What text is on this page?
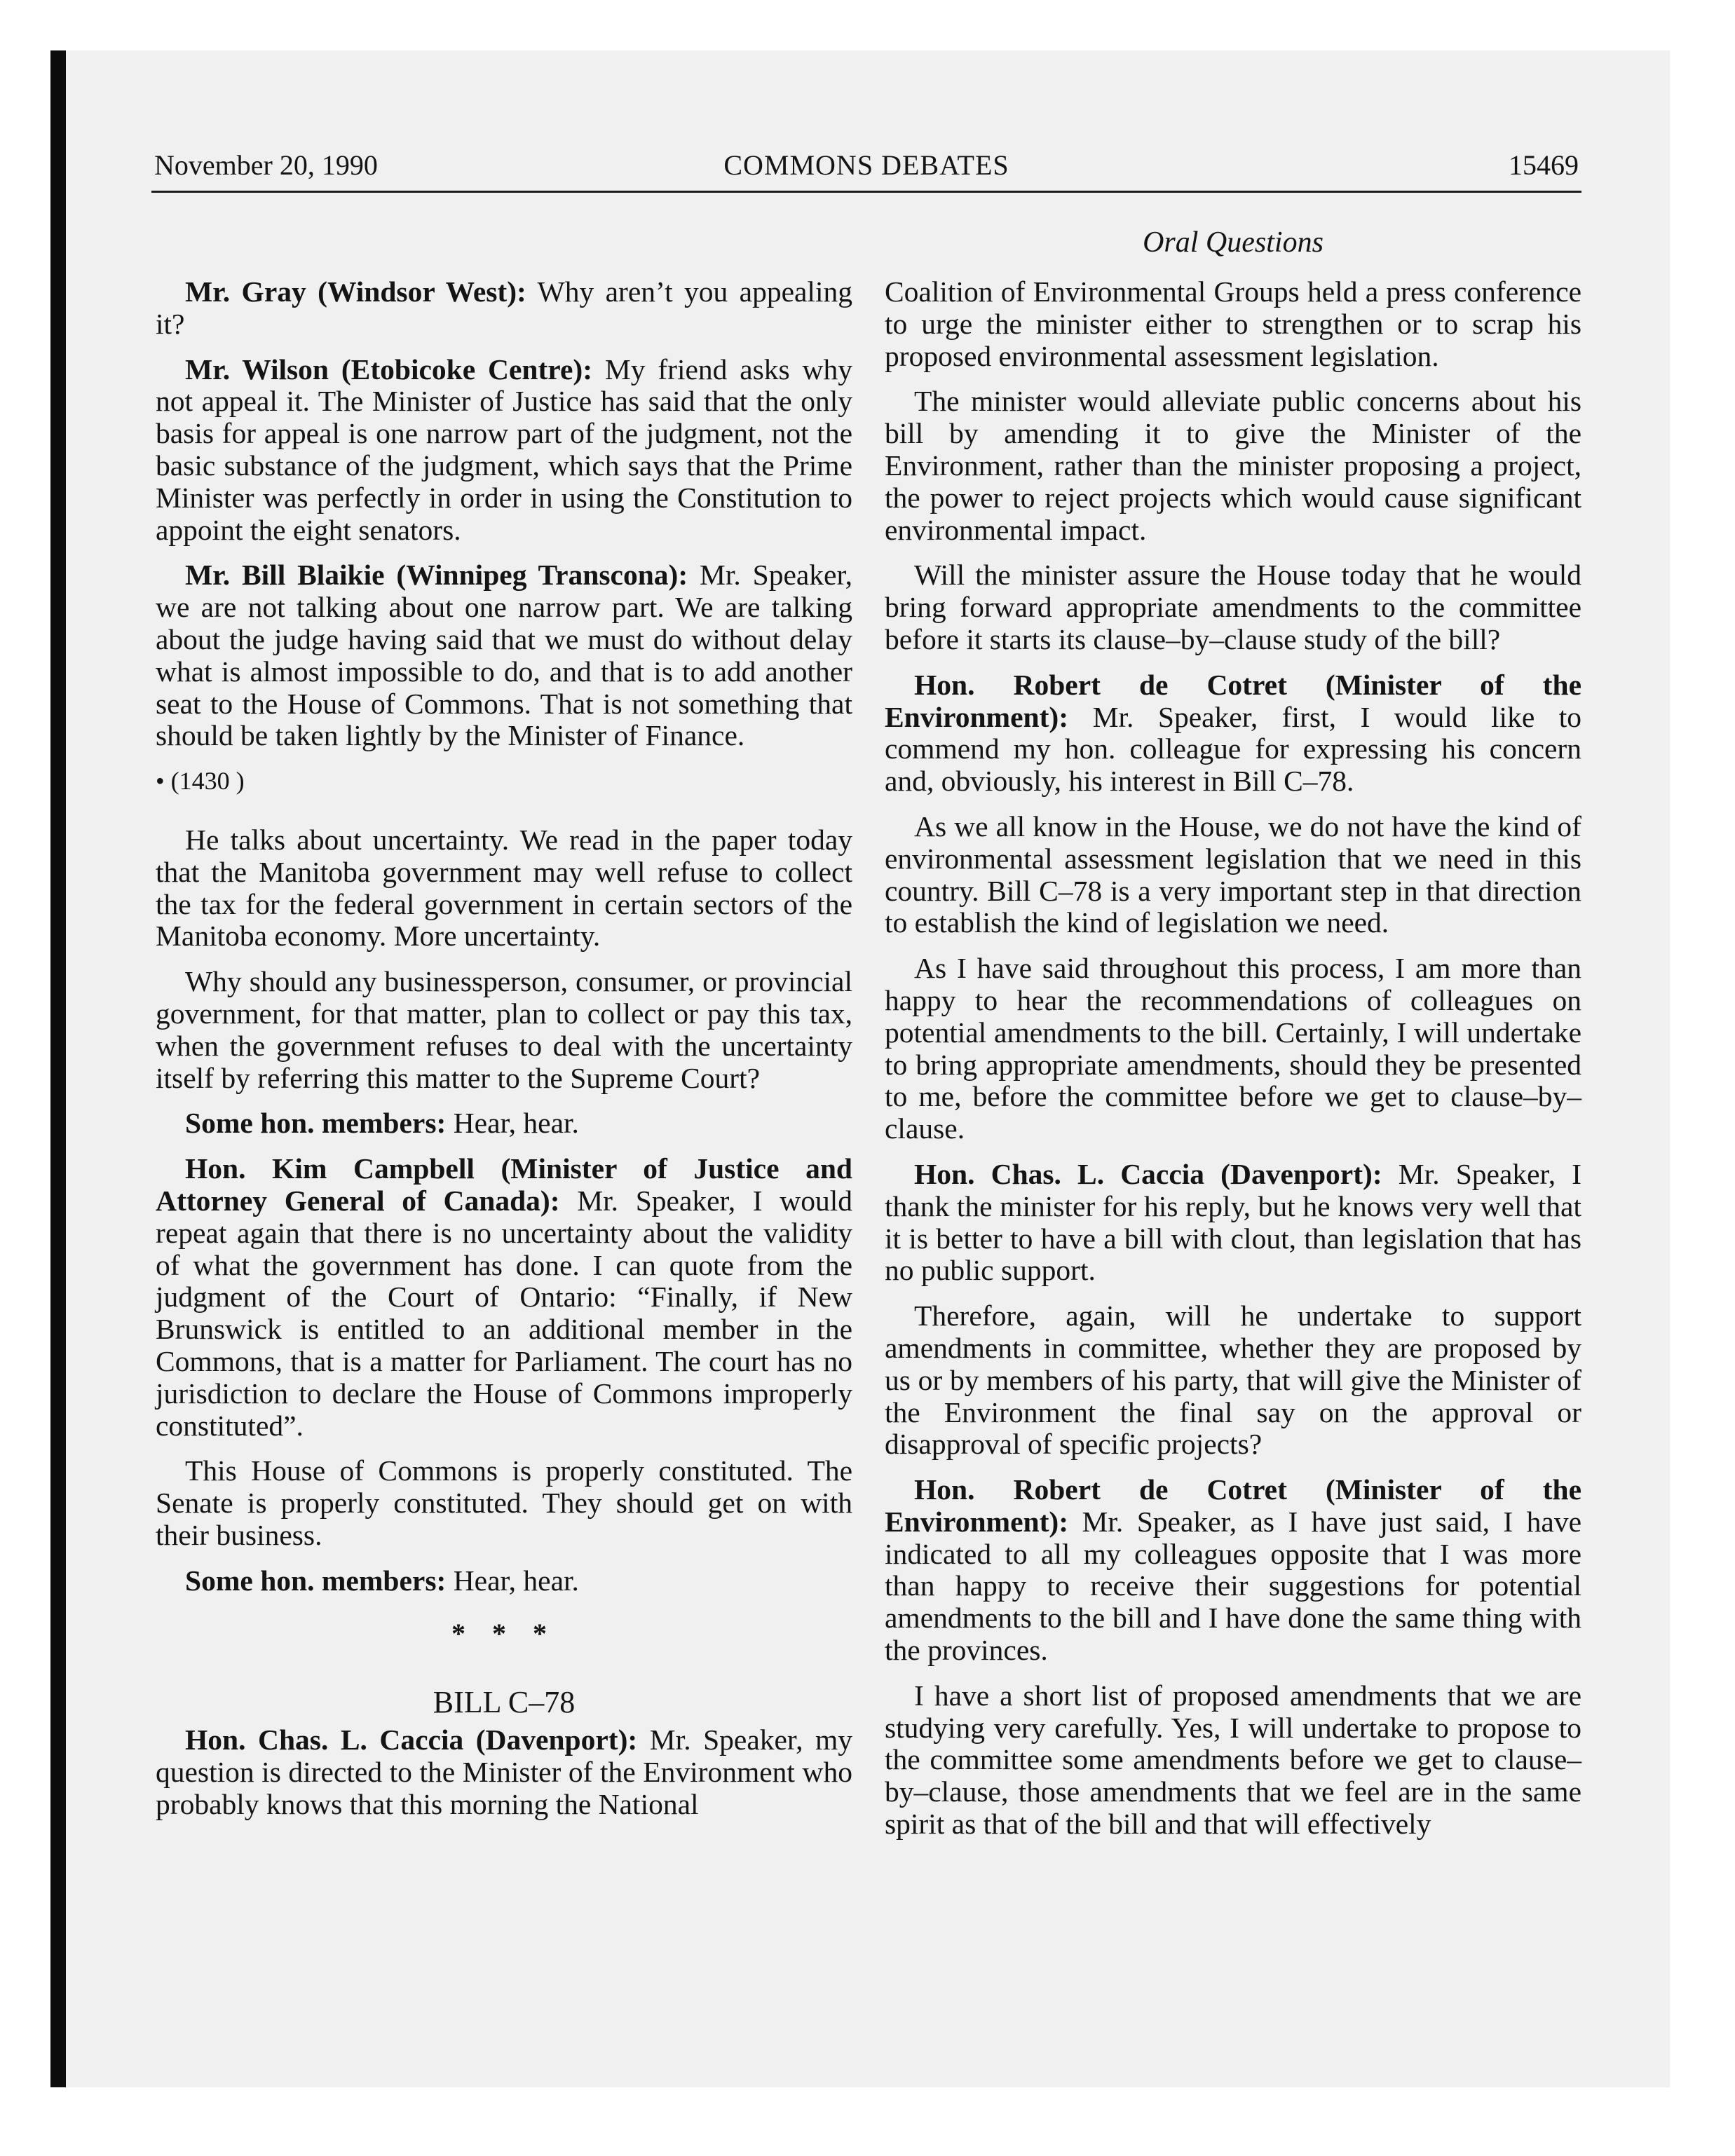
November 20, 1990	COMMONS DEBATES	15469
Oral Questions

Mr. Gray (Windsor West): Why aren’t you appealing it?

Mr. Wilson (Etobicoke Centre): My friend asks why not appeal it. The Minister of Justice has said that the only basis for appeal is one narrow part of the judgment, not the basic substance of the judgment, which says that the Prime Minister was perfectly in order in using the Constitution to appoint the eight senators.

Mr. Bill Blaikie (Winnipeg Transcona): Mr. Speaker, we are not talking about one narrow part. We are talking about the judge having said that we must do without delay what is almost impossible to do, and that is to add another seat to the House of Commons. That is not something that should be taken lightly by the Minister of Finance.

• (1430 )

He talks about uncertainty. We read in the paper today that the Manitoba government may well refuse to collect the tax for the federal government in certain sectors of the Manitoba economy. More uncertainty.

Why should any businessperson, consumer, or provincial government, for that matter, plan to collect or pay this tax, when the government refuses to deal with the uncertainty itself by referring this matter to the Supreme Court?

Some hon. members: Hear, hear.

Hon. Kim Campbell (Minister of Justice and Attorney General of Canada): Mr. Speaker, I would repeat again that there is no uncertainty about the validity of what the government has done. I can quote from the judgment of the Court of Ontario: “Finally, if New Brunswick is entitled to an additional member in the Commons, that is a matter for Parliament. The court has no jurisdiction to declare the House of Commons improperly constituted”.

This House of Commons is properly constituted. The Senate is properly constituted. They should get on with their business.

Some hon. members: Hear, hear.

* * *
BILL C–78

Hon. Chas. L. Caccia (Davenport): Mr. Speaker, my question is directed to the Minister of the Environment who probably knows that this morning the National

Coalition of Environmental Groups held a press conference to urge the minister either to strengthen or to scrap his proposed environmental assessment legislation.

The minister would alleviate public concerns about his bill by amending it to give the Minister of the Environment, rather than the minister proposing a project, the power to reject projects which would cause significant environmental impact.

Will the minister assure the House today that he would bring forward appropriate amendments to the committee before it starts its clause–by–clause study of the bill?

Hon. Robert de Cotret (Minister of the Environment): Mr. Speaker, first, I would like to commend my hon. colleague for expressing his concern and, obviously, his interest in Bill C–78.

As we all know in the House, we do not have the kind of environmental assessment legislation that we need in this country. Bill C–78 is a very important step in that direction to establish the kind of legislation we need.

As I have said throughout this process, I am more than happy to hear the recommendations of colleagues on potential amendments to the bill. Certainly, I will undertake to bring appropriate amendments, should they be presented to me, before the committee before we get to clause–by–clause.

Hon. Chas. L. Caccia (Davenport): Mr. Speaker, I thank the minister for his reply, but he knows very well that it is better to have a bill with clout, than legislation that has no public support.

Therefore, again, will he undertake to support amendments in committee, whether they are proposed by us or by members of his party, that will give the Minister of the Environment the final say on the approval or disapproval of specific projects?

Hon. Robert de Cotret (Minister of the Environment): Mr. Speaker, as I have just said, I have indicated to all my colleagues opposite that I was more than happy to receive their suggestions for potential amendments to the bill and I have done the same thing with the provinces.

I have a short list of proposed amendments that we are studying very carefully. Yes, I will undertake to propose to the committee some amendments before we get to clause–by–clause, those amendments that we feel are in the same spirit as that of the bill and that will effectively
